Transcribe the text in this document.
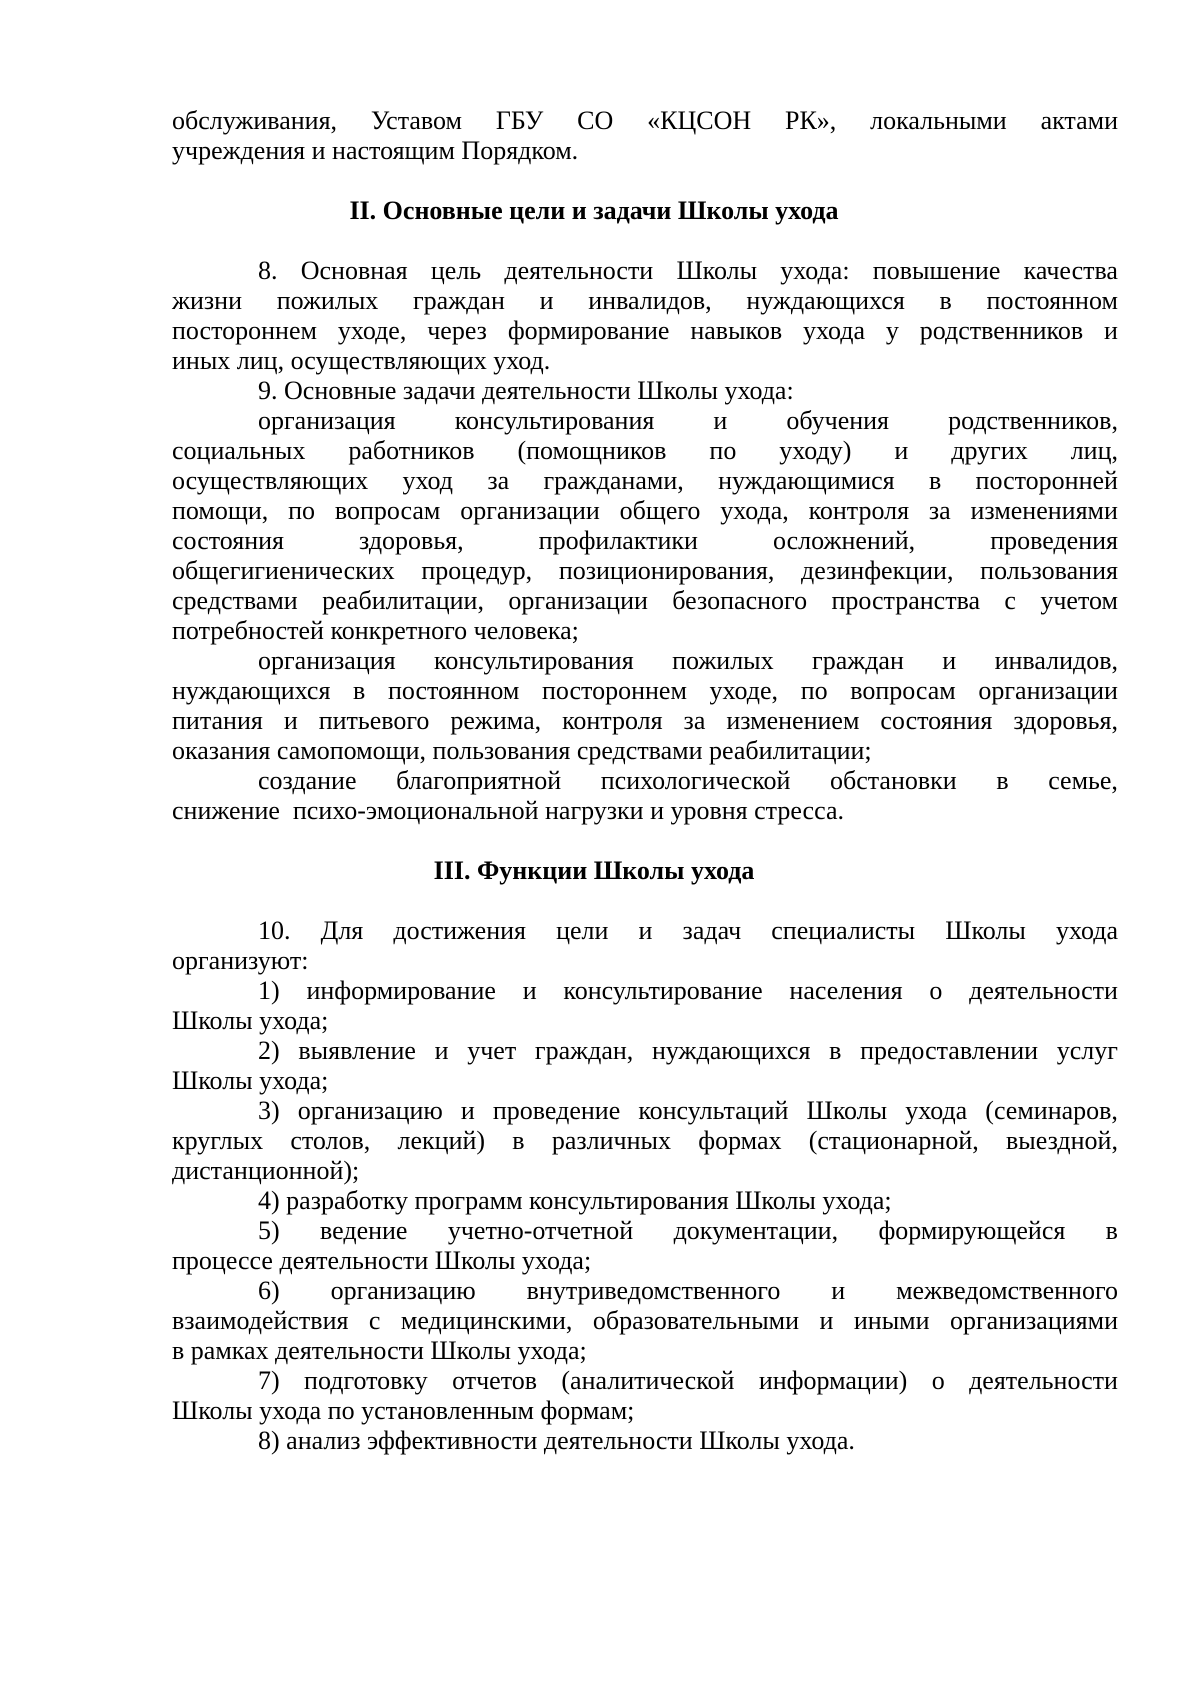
обслуживания, Уставом ГБУ СО «КЦСОН РК», локальными актами
учреждения и настоящим Порядком.
II. Основные цели и задачи Школы ухода
8. Основная цель деятельности Школы ухода: повышение качества
жизни пожилых граждан и инвалидов, нуждающихся в постоянном
постороннем уходе, через формирование навыков ухода у родственников и
иных лиц, осуществляющих уход.
9. Основные задачи деятельности Школы ухода:
организация консультирования и обучения родственников,
социальных работников (помощников по уходу) и других лиц,
осуществляющих уход за гражданами, нуждающимися в посторонней
помощи, по вопросам организации общего ухода, контроля за изменениями
состояния	здоровья,	профилактики	осложнений,	проведения
общегигиенических процедур, позиционирования, дезинфекции, пользования
средствами реабилитации, организации безопасного пространства с учетом
потребностей конкретного человека;
организация консультирования пожилых граждан и инвалидов,
нуждающихся в постоянном постороннем уходе, по вопросам организации
питания и питьевого режима, контроля за изменением состояния здоровья,
оказания самопомощи, пользования средствами реабилитации;
создание благоприятной психологической обстановки в семье,
снижение  психо-эмоциональной нагрузки и уровня стресса.
III. Функции Школы ухода
10. Для достижения цели и задач специалисты Школы ухода
организуют:
1) информирование и консультирование населения о деятельности
Школы ухода;
2) выявление и учет граждан, нуждающихся в предоставлении услуг
Школы ухода;
3) организацию и проведение консультаций Школы ухода (семинаров,
круглых столов, лекций) в различных формах (стационарной, выездной,
дистанционной);
4) разработку программ консультирования Школы ухода;
5) ведение учетно-отчетной документации, формирующейся в
процессе деятельности Школы ухода;
6) организацию внутриведомственного и межведомственного
взаимодействия с медицинскими, образовательными и иными организациями
в рамках деятельности Школы ухода;
7) подготовку отчетов (аналитической информации) о деятельности
Школы ухода по установленным формам;
8) анализ эффективности деятельности Школы ухода.
